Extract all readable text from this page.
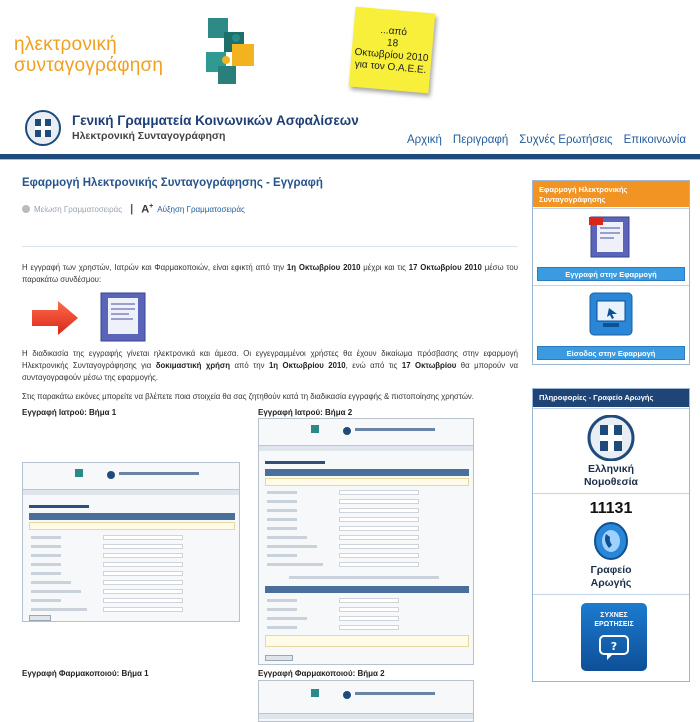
ηλεκτρονική
συνταγογράφηση
...από
18
Οκτωβρίου 2010
για τον Ο.Α.Ε.Ε.
Γενική Γραμματεία Κοινωνικών Ασφαλίσεων
Ηλεκτρονική Συνταγογράφηση	Αρχική Περιγραφή Συχνές Ερωτήσεις Επικοινωνία
Εφαρμογή Ηλεκτρονικής Συνταγογράφησης - Εγγραφή
Μείωση Γραμματοσειράς | A+ Αύξηση Γραμματοσειράς
Η εγγραφή των χρηστών, Ιατρών και Φαρμακοποιών, είναι εφικτή από την 1η Οκτωβρίου 2010 μέχρι και τις 17 Οκτωβρίου 2010 μέσω του παρακάτω συνδέσμου:
Η διαδικασία της εγγραφής γίνεται ηλεκτρονικά και άμεσα. Οι εγγεγραμμένοι χρήστες θα έχουν δικαίωμα πρόσβασης στην εφαρμογή Ηλεκτρονικής Συνταγογράφησης για δοκιμαστική χρήση από την 1η Οκτωβρίου 2010, ενώ από τις 17 Οκτωβρίου θα μπορούν να συνταγογραφούν μέσω της εφαρμογής.
Στις παρακάτω εικόνες μπορείτε να βλέπετε ποια στοιχεία θα σας ζητηθούν κατά τη διαδικασία εγγραφής & πιστοποίησης χρηστών.
Εγγραφή Ιατρού: Βήμα 1	Εγγραφή Ιατρού: Βήμα 2
Εγγραφή Φαρμακοποιού: Βήμα 1	Εγγραφή Φαρμακοποιού: Βήμα 2
Εφαρμογή Ηλεκτρονικής Συνταγογράφησης
Εγγραφή στην Εφαρμογή
Είσοδος στην Εφαρμογή
Πληροφορίες - Γραφείο Αρωγής
Ελληνική
Νομοθεσία
11131
Γραφείο
Αρωγής
ΣΥΧΝΕΣ
ΕΡΩΤΗΣΕΙΣ
?
